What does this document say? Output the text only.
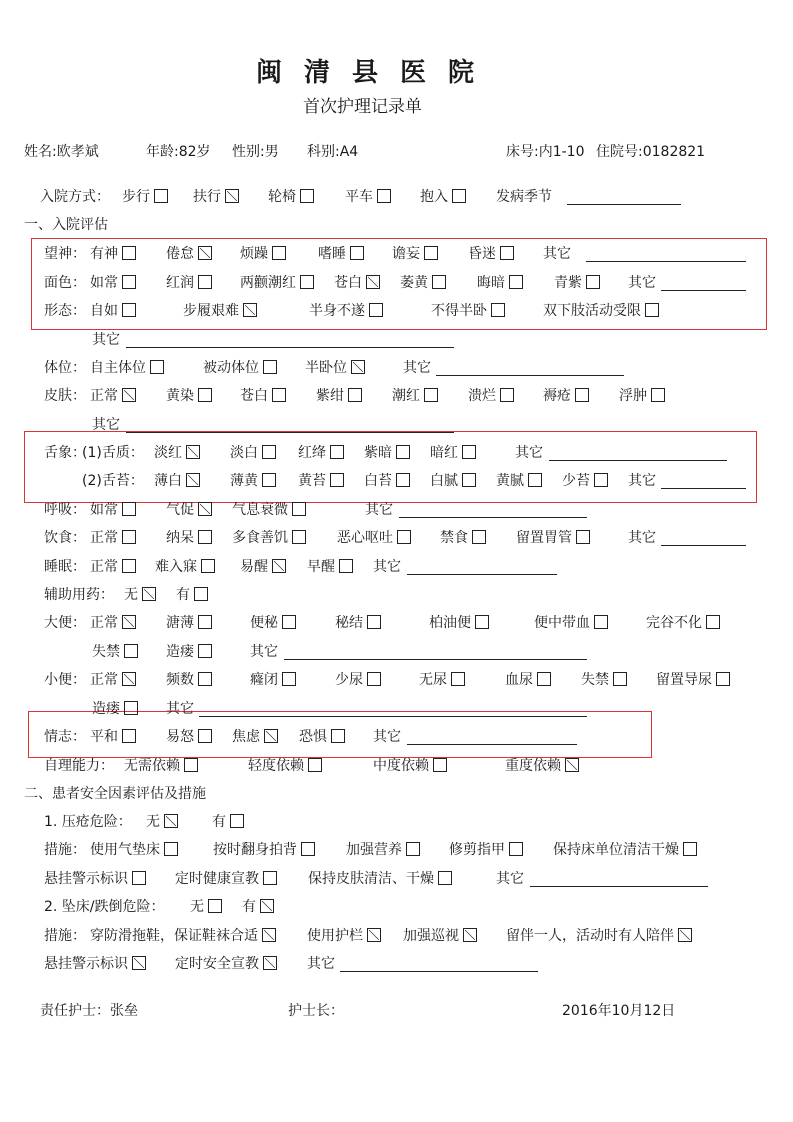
闽清县医院
首次护理记录单
姓名:欧孝斌	年龄:82岁 性别:男 科别:A4	床号:内1-10 住院号:0182821
入院方式： 步行	扶行	轮椅	平车	抱入	发病季节
一、入院评估
望神： 有神	倦怠	烦躁	嗜睡	谵妄	昏迷	其它
面色： 如常	红润	两颧潮红	苍白	萎黄	晦暗	青紫	其它
形态： 自如	步履艰难	半身不遂	不得半卧	双下肢活动受限
其它
体位： 自主体位	被动体位	半卧位	其它
皮肤： 正常	黄染	苍白	紫绀	潮红	溃烂	褥疮	浮肿
其它
舌象：
(1)舌质： 淡红	淡白	红绛	紫暗	暗红	其它
(2)舌苔： 薄白	薄黄	黄苔	白苔	白腻	黄腻	少苔	其它
呼吸： 如常	气促	气息衰微	其它
饮食： 正常	纳呆	多食善饥	恶心呕吐	禁食	留置胃管	其它
睡眠： 正常	难入寐	易醒	早醒	其它
辅助用药： 无	有
大便： 正常	溏薄	便秘	秘结	柏油便	便中带血	完谷不化
失禁	造瘘	其它
小便： 正常	频数	癃闭	少尿	无尿	血尿	失禁	留置导尿
造瘘	其它
情志： 平和	易怒	焦虑	恐惧	其它
自理能力： 无需依赖	轻度依赖	中度依赖	重度依赖
二、患者安全因素评估及措施
1. 压疮危险： 无	有
措施： 使用气垫床	按时翻身拍背	加强营养	修剪指甲	保持床单位清洁干燥
悬挂警示标识	定时健康宣教	保持皮肤清洁、干燥	其它
2. 坠床/跌倒危险： 无	有
措施： 穿防滑拖鞋，保证鞋袜合适	使用护栏	加强巡视	留伴一人，活动时有人陪伴
悬挂警示标识	定时安全宣教	其它
责任护士：张垒	护士长：	2016年10月12日
